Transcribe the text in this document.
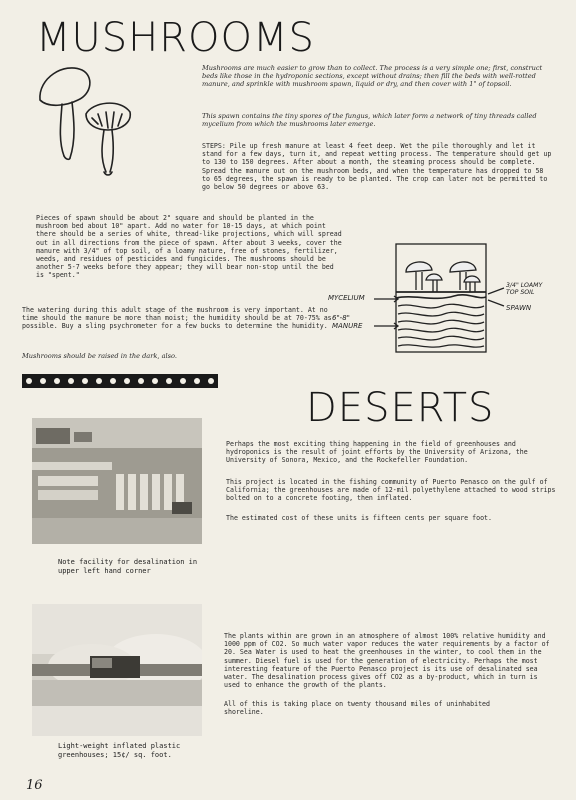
MUSHROOMS
Mushrooms are much easier to grow than to collect. The process is a very simple one; first, construct beds like those in the hydroponic sections, except without drains; then fill the beds with well-rotted manure, and sprinkle with mushroom spawn, liquid or dry, and then cover with 1" of topsoil.
This spawn contains the tiny spores of the fungus, which later form a network of tiny threads called mycelium from which the mushrooms later emerge.
STEPS: Pile up fresh manure at least 4 feet deep. Wet the pile thoroughly and let it stand for a few days, turn it, and repeat wetting process. The temperature should get up to 130 to 150 degrees. After about a month, the steaming process should be complete. Spread the manure out on the mushroom beds, and when the temperature has dropped to 58 to 65 degrees, the spawn is ready to be planted. The crop can later not be permitted to go below 50 degrees or above 63.
Pieces of spawn should be about 2" square and should be planted in the mushroom bed about 10" apart. Add no water for 10-15 days, at which point there should be a series of white, thread-like projections, which will spread out in all directions from the piece of spawn. After about 3 weeks, cover the manure with 3/4" of top soil, of a loamy nature, free of stones, fertilizer, weeds, and residues of pesticides and fungicides. The mushrooms should be another 5-7 weeks before they appear; they will bear non-stop until the bed is "spent."
The watering during this adult stage of the mushroom is very important. At no time should the manure be more than moist; the humidity should be at 70-75% as possible. Buy a sling psychrometer for a few bucks to determine the humidity.
Mushrooms should be raised in the dark, also.
MYCELIUM
6"-8" MANURE
3/4" LOAMY TOP SOIL
SPAWN
DESERTS
Note facility for desalination in upper left hand corner
Light-weight inflated plastic greenhouses; 15¢/ sq. foot.
Perhaps the most exciting thing happening in the field of greenhouses and hydroponics is the result of joint efforts by the University of Arizona, the University of Sonora, Mexico, and the Rockefeller Foundation.
This project is located in the fishing community of Puerto Penasco on the gulf of California; the greenhouses are made of 12-mil polyethylene attached to wood strips bolted on to a concrete footing, then inflated.
The estimated cost of these units is fifteen cents per square foot.
The plants within are grown in an atmosphere of almost 100% relative humidity and 1000 ppm of CO2. So much water vapor reduces the water requirements by a factor of 20. Sea Water is used to heat the greenhouses in the winter, to cool them in the summer. Diesel fuel is used for the generation of electricity. Perhaps the most interesting feature of the Puerto Penasco project is its use of desalinated sea water. The desalination process gives off CO2 as a by-product, which in turn is used to enhance the growth of the plants.
All of this is taking place on twenty thousand miles of uninhabited shoreline.
16
